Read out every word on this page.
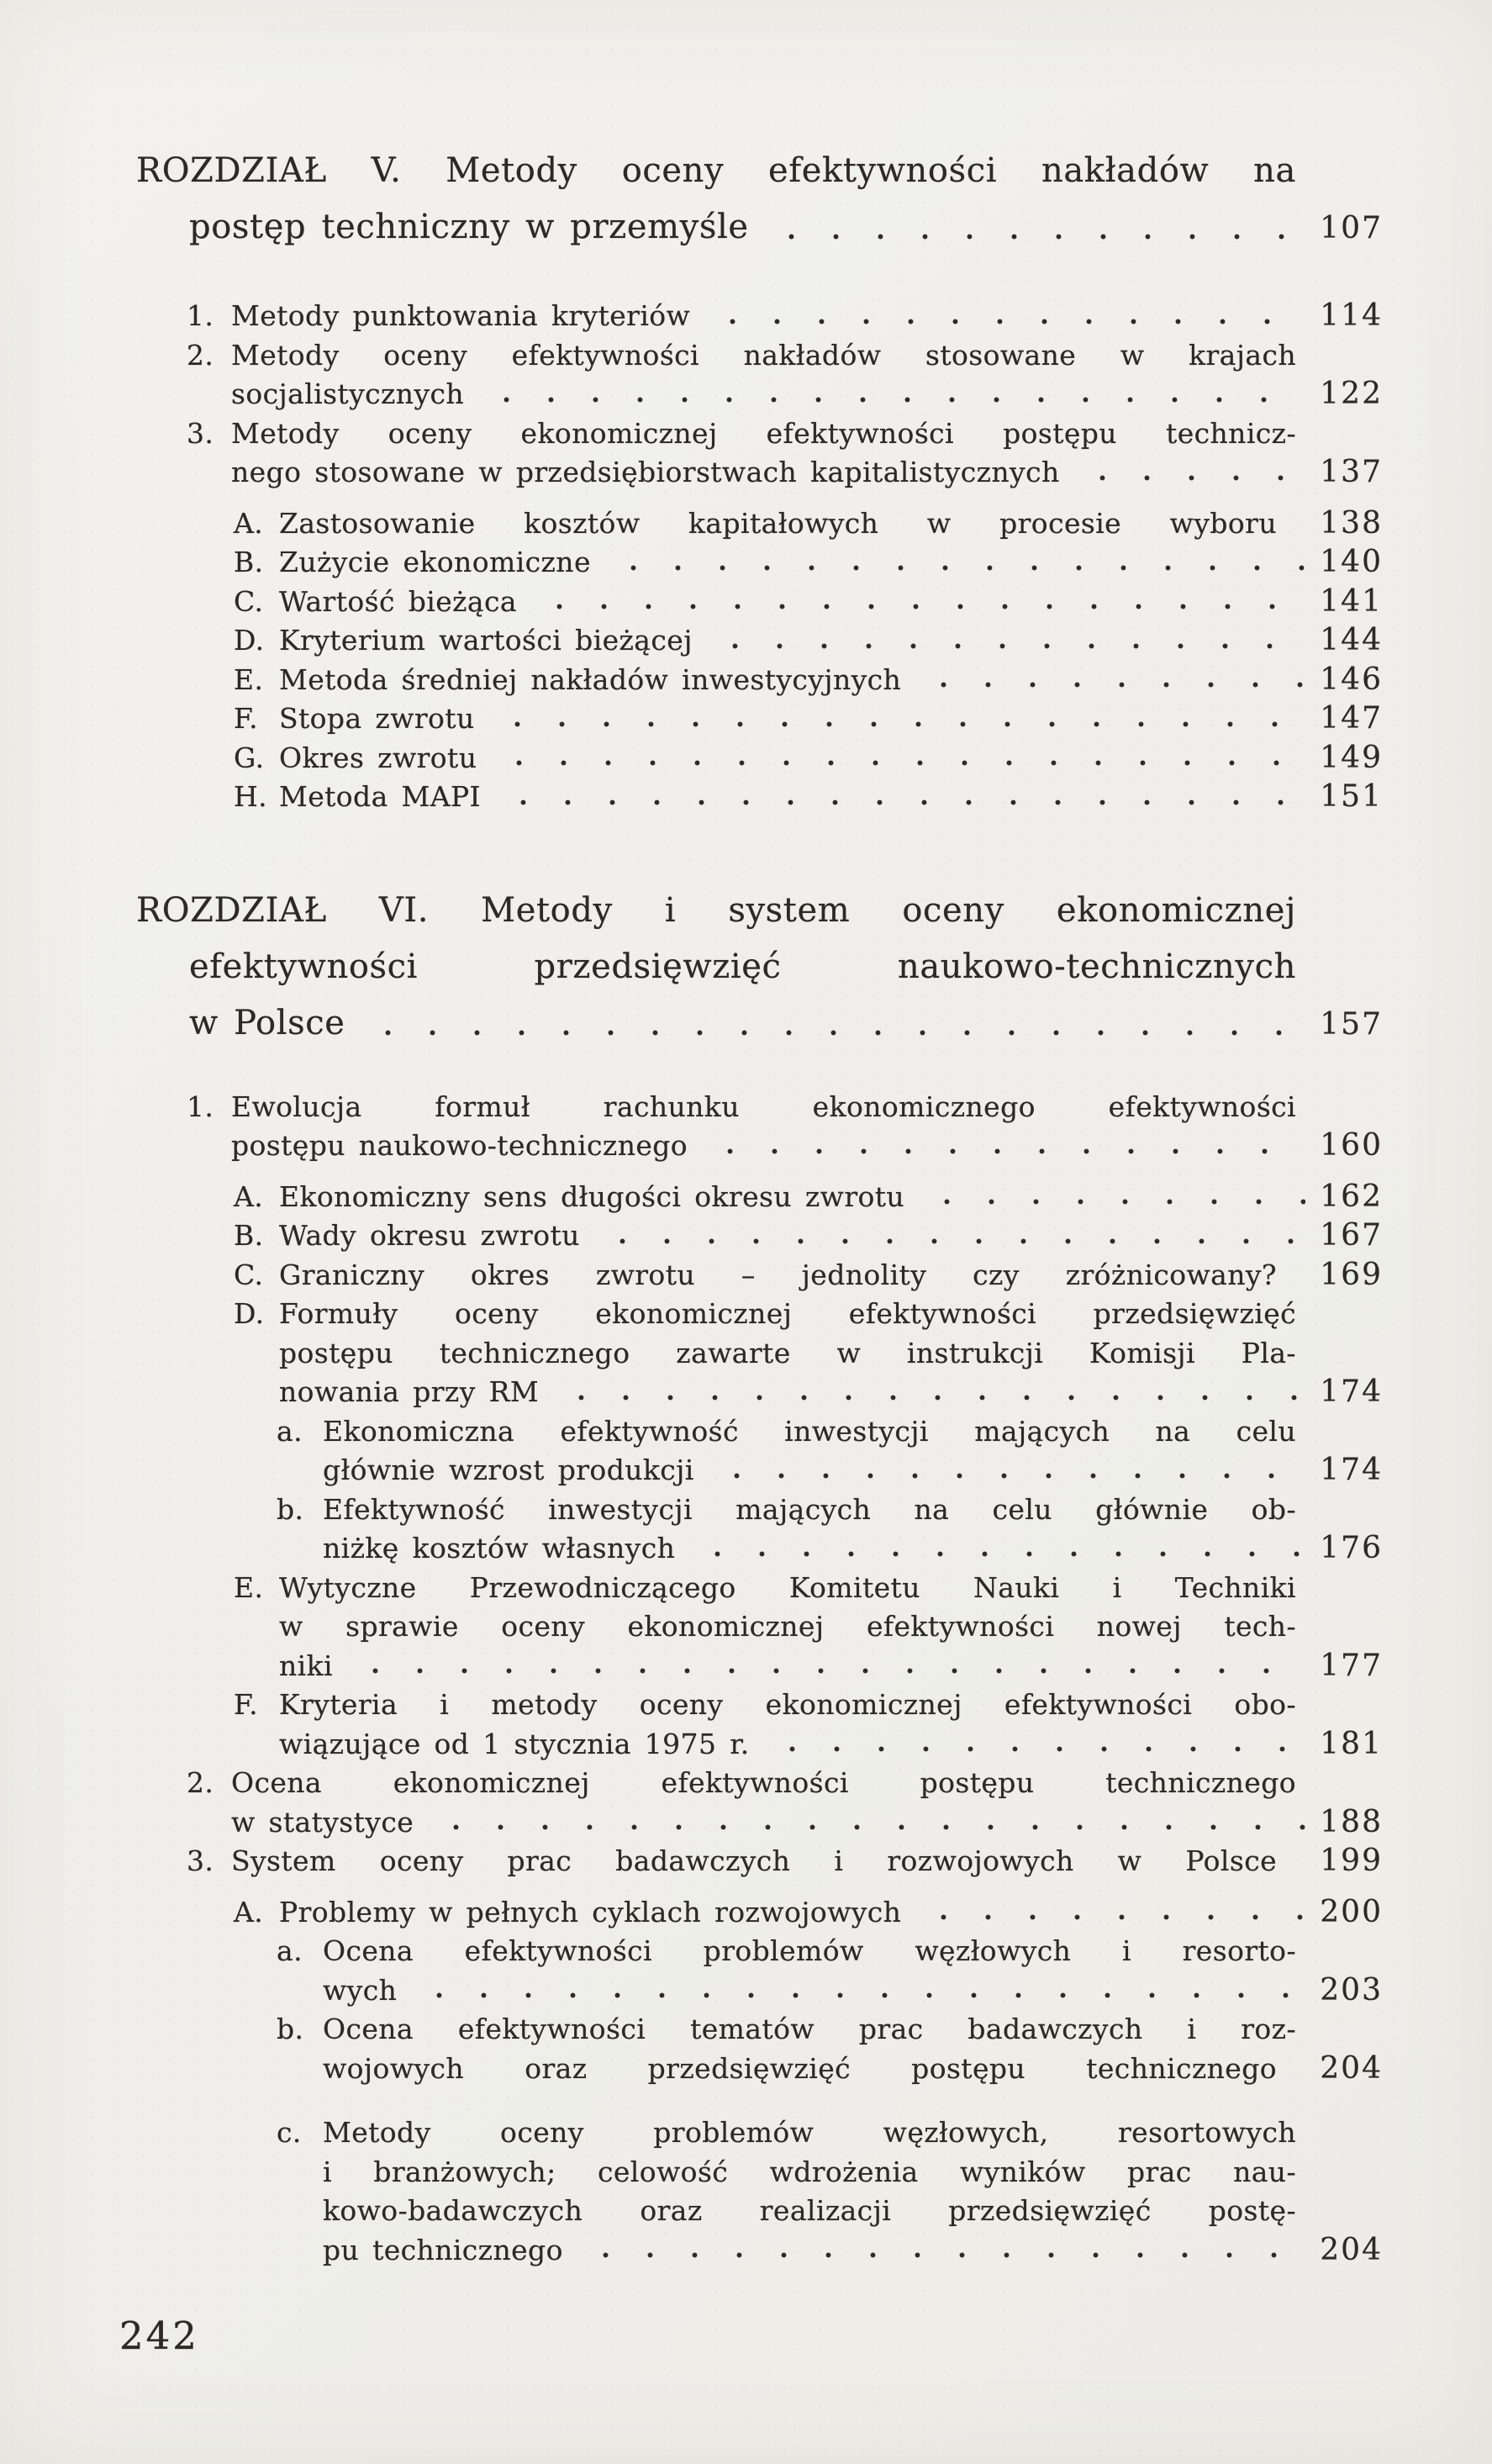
ROZDZIAŁ V. Metody oceny efektywności nakładów na
postęp techniczny w przemyśle	107
1. Metody punktowania kryteriów	114
2. Metody oceny efektywności nakładów stosowane w krajach
socjalistycznych	122
3. Metody oceny ekonomicznej efektywności postępu technicz-
nego stosowane w przedsiębiorstwach kapitalistycznych	137
A. Zastosowanie kosztów kapitałowych w procesie wyboru	138
B. Zużycie ekonomiczne	140
C. Wartość bieżąca	141
D. Kryterium wartości bieżącej	144
E. Metoda średniej nakładów inwestycyjnych	146
F. Stopa zwrotu	147
G. Okres zwrotu	149
H. Metoda MAPI	151
ROZDZIAŁ VI. Metody i system oceny ekonomicznej
efektywności przedsięwzięć naukowo-technicznych
w Polsce	157
1. Ewolucja formuł rachunku ekonomicznego efektywności
postępu naukowo-technicznego	160
A. Ekonomiczny sens długości okresu zwrotu	162
B. Wady okresu zwrotu	167
C. Graniczny okres zwrotu – jednolity czy zróżnicowany?	169
D. Formuły oceny ekonomicznej efektywności przedsięwzięć
postępu technicznego zawarte w instrukcji Komisji Pla-
nowania przy RM	174
a. Ekonomiczna efektywność inwestycji mających na celu
głównie wzrost produkcji	174
b. Efektywność inwestycji mających na celu głównie ob-
niżkę kosztów własnych	176
E. Wytyczne Przewodniczącego Komitetu Nauki i Techniki
w sprawie oceny ekonomicznej efektywności nowej tech-
niki	177
F. Kryteria i metody oceny ekonomicznej efektywności obo-
wiązujące od 1 stycznia 1975 r.	181
2. Ocena ekonomicznej efektywności postępu technicznego
w statystyce	188
3. System oceny prac badawczych i rozwojowych w Polsce	199
A. Problemy w pełnych cyklach rozwojowych	200
a. Ocena efektywności problemów węzłowych i resorto-
wych	203
b. Ocena efektywności tematów prac badawczych i roz-
wojowych oraz przedsięwzięć postępu technicznego	204
c. Metody oceny problemów węzłowych, resortowych
i branżowych; celowość wdrożenia wyników prac nau-
kowo-badawczych oraz realizacji przedsięwzięć postę-
pu technicznego	204
242
